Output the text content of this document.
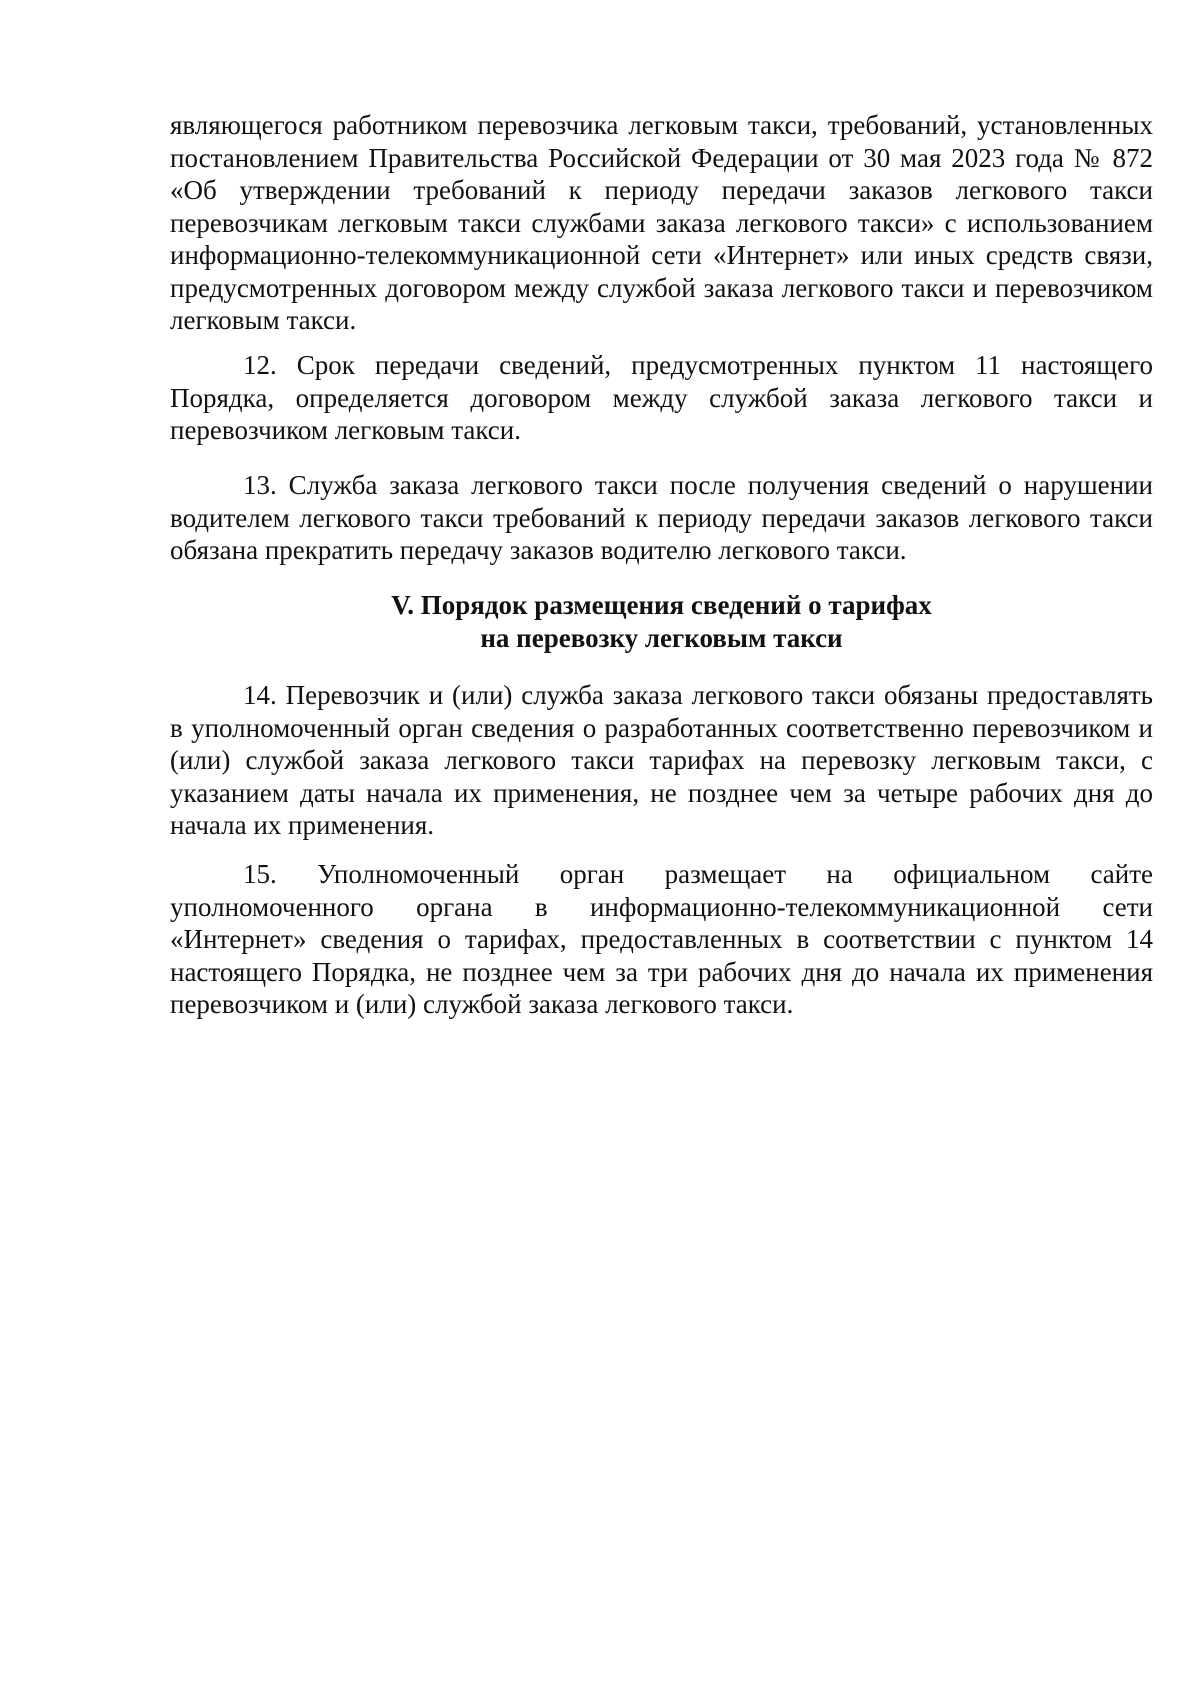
являющегося работником перевозчика легковым такси, требований, установленных постановлением Правительства Российской Федерации от 30 мая 2023 года № 872 «Об утверждении требований к периоду передачи заказов легкового такси перевозчикам легковым такси службами заказа легкового такси» с использованием информационно-телекоммуникационной сети «Интернет» или иных средств связи, предусмотренных договором между службой заказа легкового такси и перевозчиком легковым такси.

12. Срок передачи сведений, предусмотренных пунктом 11 настоящего Порядка, определяется договором между службой заказа легкового такси и перевозчиком легковым такси.

13. Служба заказа легкового такси после получения сведений о нарушении водителем легкового такси требований к периоду передачи заказов легкового такси обязана прекратить передачу заказов водителю легкового такси.

V. Порядок размещения сведений о тарифах
на перевозку легковым такси

14. Перевозчик и (или) служба заказа легкового такси обязаны предоставлять в уполномоченный орган сведения о разработанных соответственно перевозчиком и (или) службой заказа легкового такси тарифах на перевозку легковым такси, с указанием даты начала их применения, не позднее чем за четыре рабочих дня до начала их применения.

15. Уполномоченный орган размещает на официальном сайте уполномоченного органа в информационно-телекоммуникационной сети «Интернет» сведения о тарифах, предоставленных в соответствии с пунктом 14 настоящего Порядка, не позднее чем за три рабочих дня до начала их применения перевозчиком и (или) службой заказа легкового такси.
